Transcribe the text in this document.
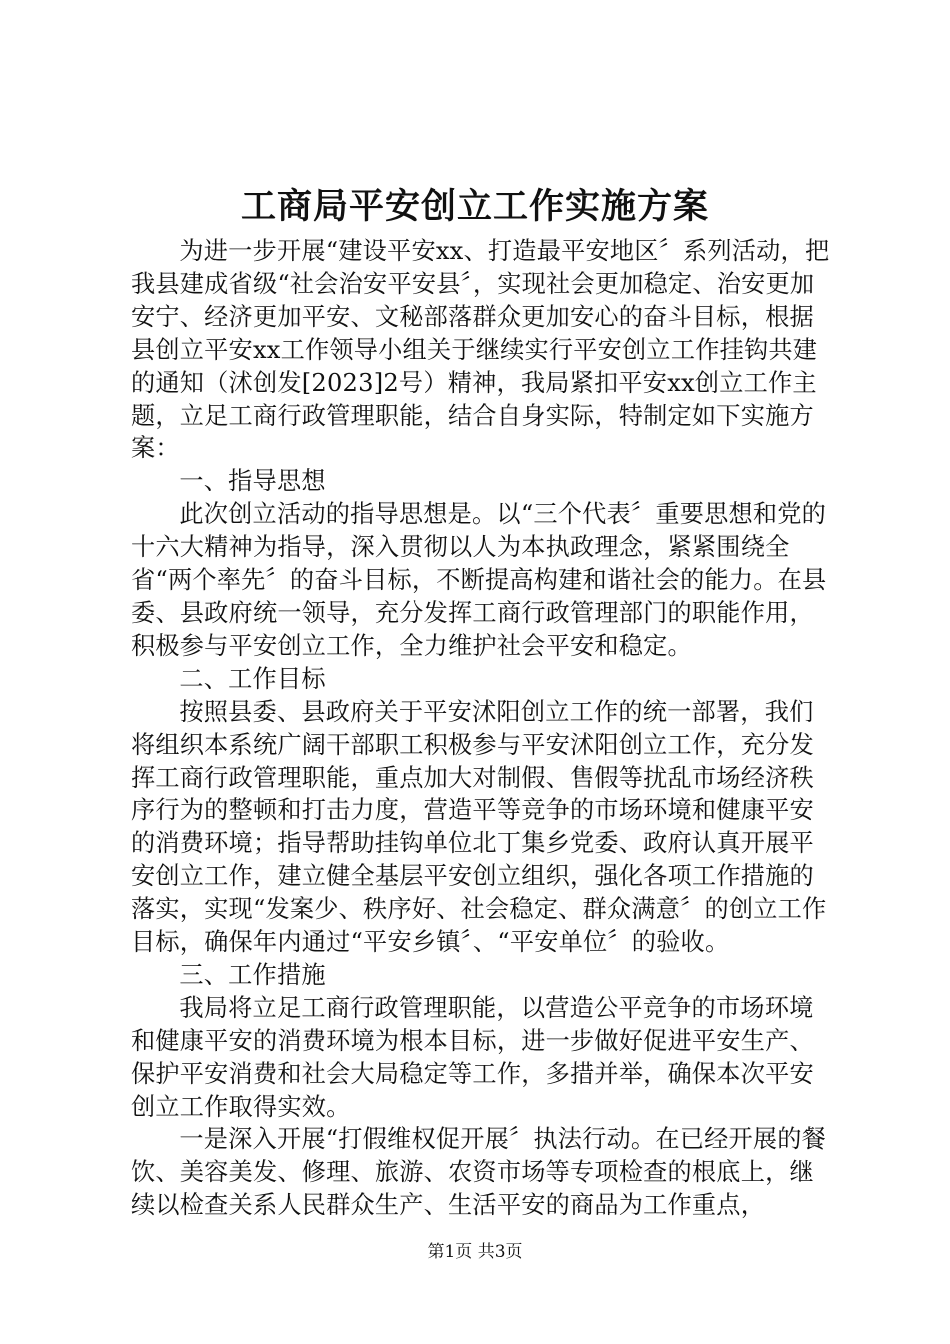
工商局平安创立工作实施方案

为进一步开展“建设平安xx、打造最平安地区〞系列活动，把我县建成省级“社会治安平安县〞，实现社会更加稳定、治安更加安宁、经济更加平安、文秘部落群众更加安心的奋斗目标，根据县创立平安xx工作领导小组关于继续实行平安创立工作挂钩共建的通知（沭创发[2023]2号）精神，我局紧扣平安xx创立工作主题，立足工商行政管理职能，结合自身实际，特制定如下实施方案：

一、指导思想

此次创立活动的指导思想是。以“三个代表〞重要思想和党的十六大精神为指导，深入贯彻以人为本执政理念，紧紧围绕全省“两个率先〞的奋斗目标，不断提高构建和谐社会的能力。在县委、县政府统一领导，充分发挥工商行政管理部门的职能作用，积极参与平安创立工作，全力维护社会平安和稳定。

二、工作目标

按照县委、县政府关于平安沭阳创立工作的统一部署，我们将组织本系统广阔干部职工积极参与平安沭阳创立工作，充分发挥工商行政管理职能，重点加大对制假、售假等扰乱市场经济秩序行为的整顿和打击力度，营造平等竞争的市场环境和健康平安的消费环境；指导帮助挂钩单位北丁集乡党委、政府认真开展平安创立工作，建立健全基层平安创立组织，强化各项工作措施的落实，实现“发案少、秩序好、社会稳定、群众满意〞的创立工作目标，确保年内通过“平安乡镇〞、“平安单位〞的验收。

三、工作措施

我局将立足工商行政管理职能，以营造公平竞争的市场环境和健康平安的消费环境为根本目标，进一步做好促进平安生产、保护平安消费和社会大局稳定等工作，多措并举，确保本次平安创立工作取得实效。

一是深入开展“打假维权促开展〞执法行动。在已经开展的餐饮、美容美发、修理、旅游、农资市场等专项检查的根底上，继续以检查关系人民群众生产、生活平安的商品为工作重点，

第1页 共3页
